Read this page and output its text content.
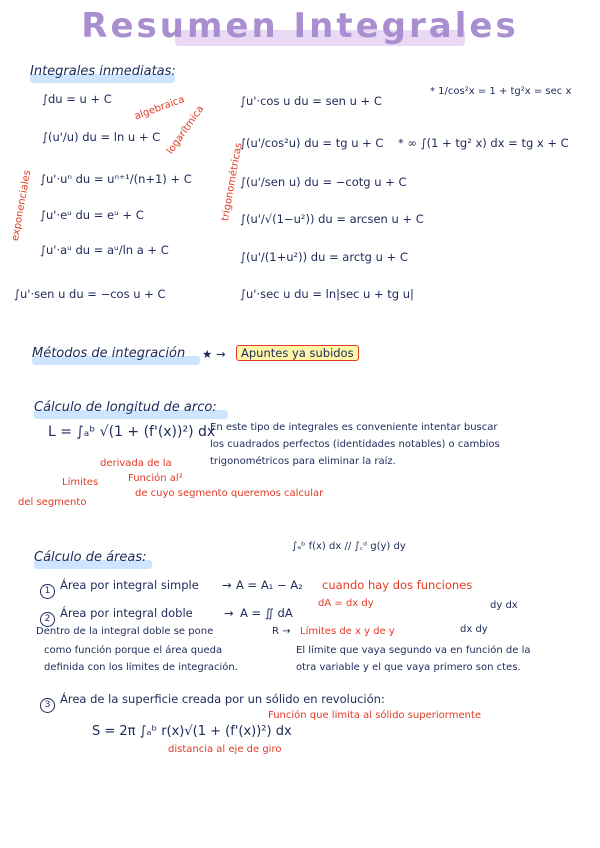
Resumen Integrales
Integrales inmediatas:
∫du = u + C algebraica
logarítmica
∫(u'/u) du = ln u + C
exponenciales ∫u'·uⁿ du = uⁿ⁺¹/(n+1) + C
∫u'·eᵘ du = eᵘ + C
∫u'·aᵘ du = aᵘ/ln a + C
∫u'·sen u du = −cos u + C
trigonométricas
∫u'·cos u du = sen u + C
∫(u'/cos²u) du = tg u + C * ∞ ∫(1 + tg² x) dx = tg x + C
∫(u'/sen u) du = −cotg u + C
∫(u'/√(1−u²)) du = arcsen u + C
∫(u'/(1+u²)) du = arctg u + C
∫u'·sec u du = ln|sec u + tg u|
* 1/cos²x = 1 + tg²x = sec x
Métodos de integración ★ →	Apuntes ya subidos
Cálculo de longitud de arco:
L = ∫ₐᵇ √(1 + (f'(x))²) dx
En este tipo de integrales es conveniente intentar buscar
los cuadrados perfectos (identidades notables) o cambios
trigonométricos para eliminar la raíz.
derivada de la
Función al²
de cuyo segmento queremos calcular
Límites
del segmento
Cálculo de áreas:
∫ₐᵇ f(x) dx // ∫꜀ᵈ g(y) dy
1 Área por integral simple → A = A₁ − A₂ cuando hay dos funciones
2 Área por integral doble	→ A = ∬ dA
dA = dx dy	dy dx
dx dy
Dentro de la integral doble se pone	R → Límites de x y de y
como función porque el área queda
definida con los límites de integración.
El límite que vaya segundo va en función de la
otra variable y el que vaya primero son ctes.
3 Área de la superficie creada por un sólido en revolución:
S = 2π ∫ₐᵇ r(x)√(1 + (f'(x))²) dx
Función que limita al sólido superiormente
distancia al eje de giro
